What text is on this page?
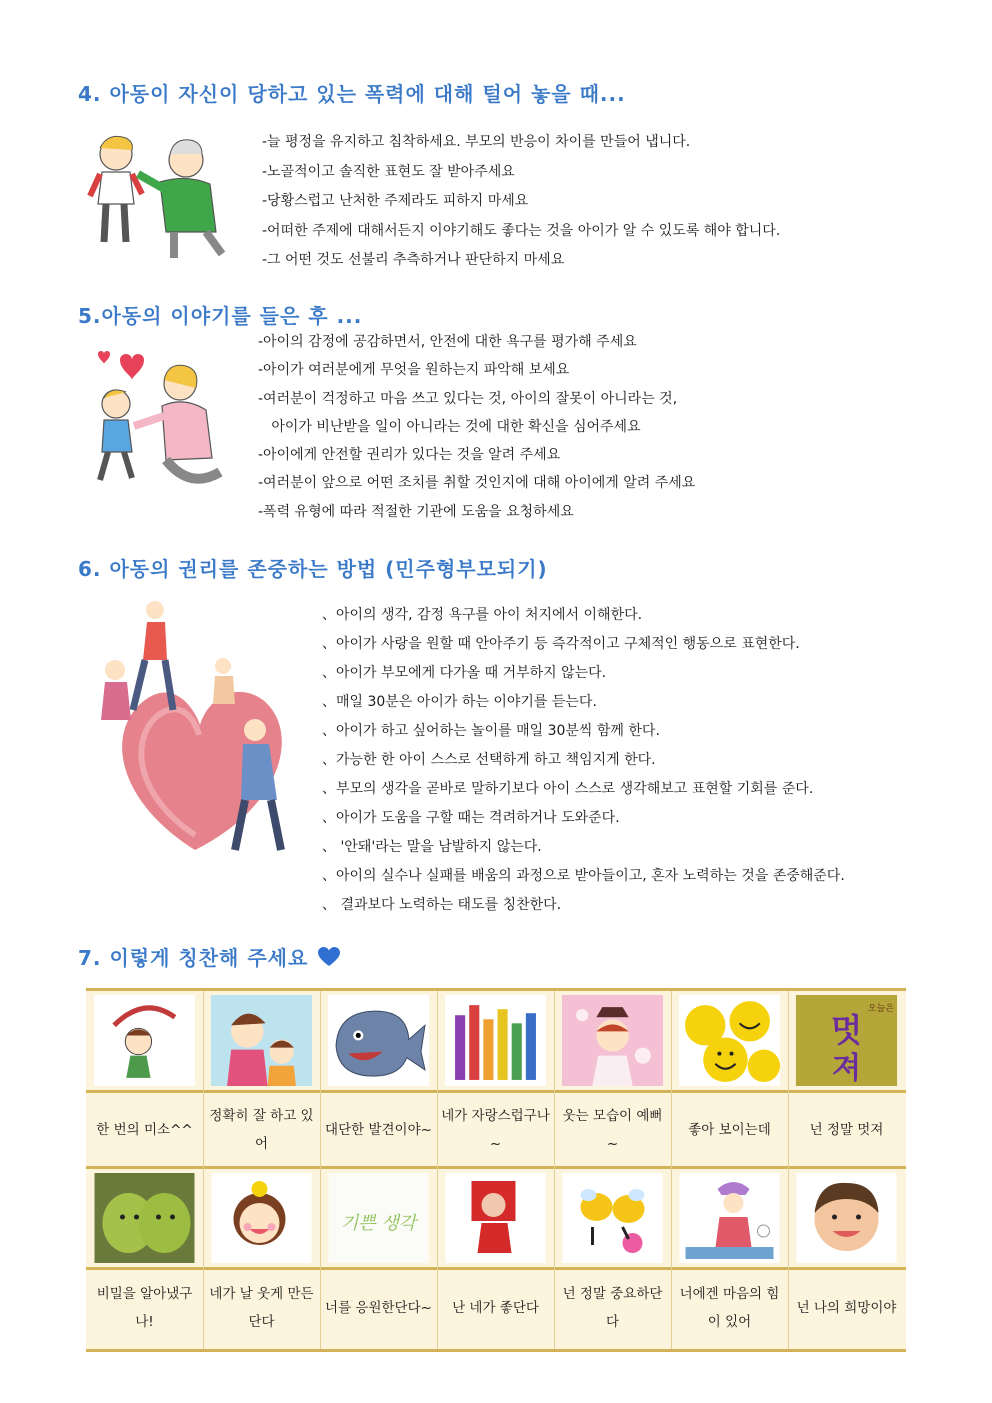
4. 아동이 자신이 당하고 있는 폭력에 대해 털어 놓을 때...
-늘 평정을 유지하고 침착하세요. 부모의 반응이 차이를 만들어 냅니다.
-노골적이고 솔직한 표현도 잘 받아주세요
-당황스럽고 난처한 주제라도 피하지 마세요
-어떠한 주제에 대해서든지 이야기해도 좋다는 것을 아이가 알 수 있도록 해야 합니다.
-그 어떤 것도 선불리 추측하거나 판단하지 마세요
5.아동의 이야기를 들은 후 ...
-아이의 감정에 공감하면서, 안전에 대한 욕구를 평가해 주세요
-아이가 여러분에게 무엇을 원하는지 파악해 보세요
-여러분이 걱정하고 마음 쓰고 있다는 것, 아이의 잘못이 아니라는 것,
아이가 비난받을 일이 아니라는 것에 대한 확신을 심어주세요
-아이에게 안전할 권리가 있다는 것을 알려 주세요
-여러분이 앞으로 어떤 조치를 취할 것인지에 대해 아이에게 알려 주세요
-폭력 유형에 따라 적절한 기관에 도움을 요청하세요
6. 아동의 권리를 존중하는 방법 (민주형부모되기)
、아이의 생각, 감정 욕구를 아이 처지에서 이해한다.
、아이가 사랑을 원할 때 안아주기 등 즉각적이고 구체적인 행동으로 표현한다.
、아이가 부모에게 다가올 때 거부하지 않는다.
、매일 30분은 아이가 하는 이야기를 듣는다.
、아이가 하고 싶어하는 놀이를 매일 30분씩 함께 한다.
、가능한 한 아이 스스로 선택하게 하고 책임지게 한다.
、부모의 생각을 곧바로 말하기보다 아이 스스로 생각해보고 표현할 기회를 준다.
、아이가 도움을 구할 때는 격려하거나 도와준다.
、 '안돼'라는 말을 남발하지 않는다.
、아이의 실수나 실패를 배움의 과정으로 받아들이고, 혼자 노력하는 것을 존중해준다.
、 결과보다 노력하는 태도를 칭찬한다.
7. 이렇게 칭찬해 주세요
멋
져
오늘은
한 번의 미소^^
정확히 잘 하고 있어
대단한 발견이야~
네가 자랑스럽구나~
웃는 모습이 예뻐~
좋아 보이는데	넌 정말 멋져
기쁜 생각
비밀을 알아냈구나!
네가 날 웃게 만든단다
너를 응원한단다~	난 네가 좋단다
넌 정말 중요하단다
너에겐 마음의 힘이 있어
넌 나의 희망이야
